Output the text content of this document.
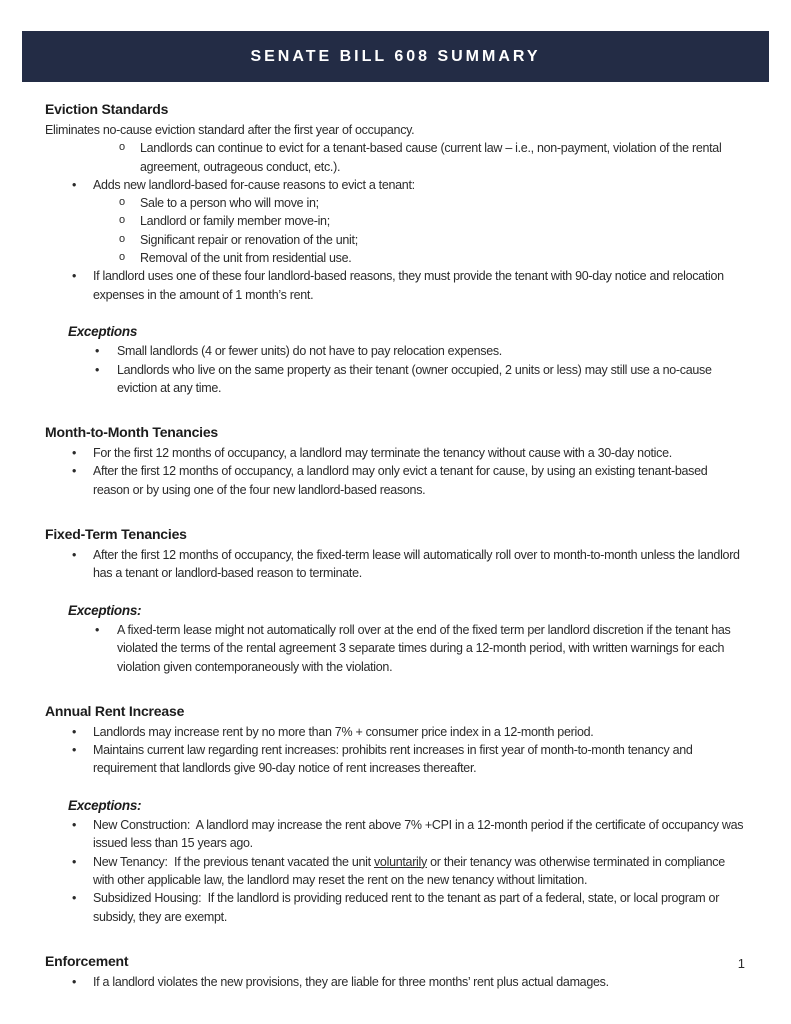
SENATE BILL 608 SUMMARY
Eviction Standards
Eliminates no-cause eviction standard after the first year of occupancy.
o Landlords can continue to evict for a tenant-based cause (current law – i.e., non-payment, violation of the rental agreement, outrageous conduct, etc.).
• Adds new landlord-based for-cause reasons to evict a tenant:
o Sale to a person who will move in;
o Landlord or family member move-in;
o Significant repair or renovation of the unit;
o Removal of the unit from residential use.
• If landlord uses one of these four landlord-based reasons, they must provide the tenant with 90-day notice and relocation expenses in the amount of 1 month’s rent.
Exceptions
• Small landlords (4 or fewer units) do not have to pay relocation expenses.
• Landlords who live on the same property as their tenant (owner occupied, 2 units or less) may still use a no-cause eviction at any time.
Month-to-Month Tenancies
• For the first 12 months of occupancy, a landlord may terminate the tenancy without cause with a 30-day notice.
• After the first 12 months of occupancy, a landlord may only evict a tenant for cause, by using an existing tenant-based reason or by using one of the four new landlord-based reasons.
Fixed-Term Tenancies
• After the first 12 months of occupancy, the fixed-term lease will automatically roll over to month-to-month unless the landlord has a tenant or landlord-based reason to terminate.
Exceptions:
• A fixed-term lease might not automatically roll over at the end of the fixed term per landlord discretion if the tenant has violated the terms of the rental agreement 3 separate times during a 12-month period, with written warnings for each violation given contemporaneously with the violation.
Annual Rent Increase
• Landlords may increase rent by no more than 7% + consumer price index in a 12-month period.
• Maintains current law regarding rent increases: prohibits rent increases in first year of month-to-month tenancy and requirement that landlords give 90-day notice of rent increases thereafter.
Exceptions:
• New Construction:  A landlord may increase the rent above 7% +CPI in a 12-month period if the certificate of occupancy was issued less than 15 years ago.
• New Tenancy:  If the previous tenant vacated the unit voluntarily or their tenancy was otherwise terminated in compliance with other applicable law, the landlord may reset the rent on the new tenancy without limitation.
• Subsidized Housing:  If the landlord is providing reduced rent to the tenant as part of a federal, state, or local program or subsidy, they are exempt.
Enforcement
• If a landlord violates the new provisions, they are liable for three months’ rent plus actual damages.
1
